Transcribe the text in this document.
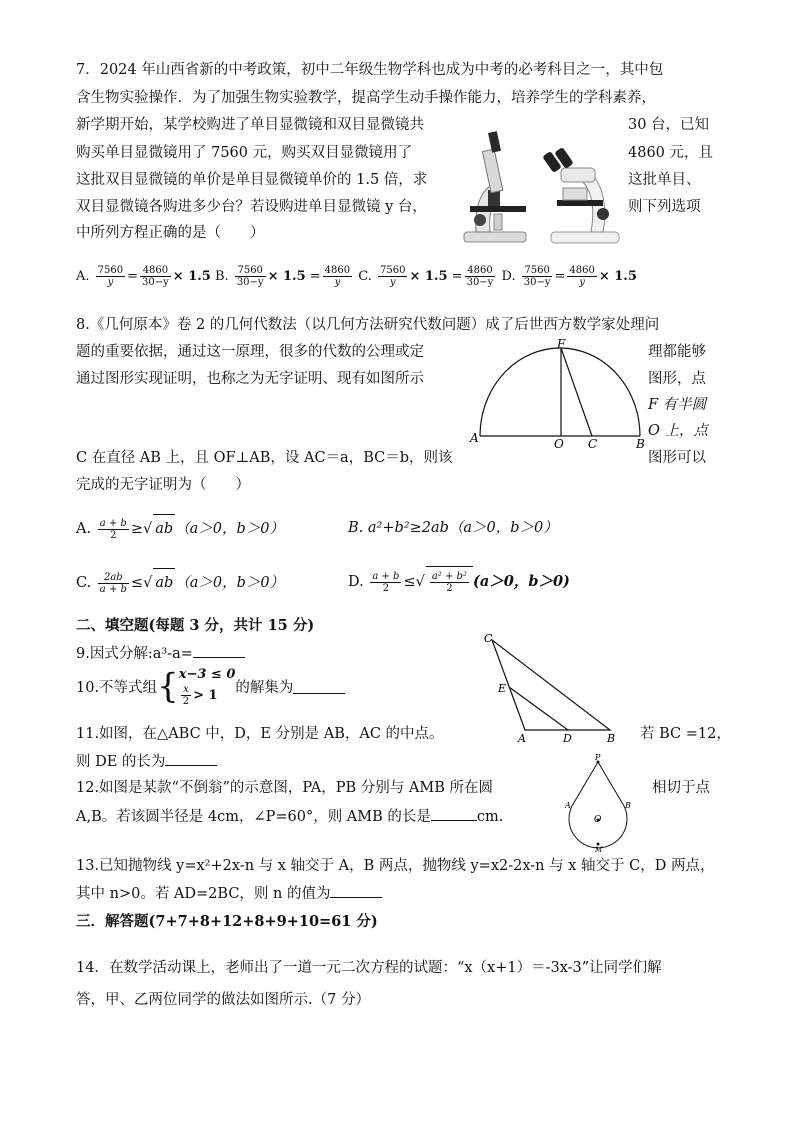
7．2024 年山西省新的中考政策，初中二年级生物学科也成为中考的必考科目之一，其中包
含生物实验操作．为了加强生物实验教学，提高学生动手操作能力，培养学生的学科素养，
新学期开始，某学校购进了单目显微镜和双目显微镜共	30 台，已知
购买单目显微镜用了 7560 元，购买双目显微镜用了	4860 元，且
这批双目显微镜的单价是单目显微镜单价的 1.5 倍，求	这批单目、
双目显微镜各购进多少台？若设购进单目显微镜 y 台，	则下列选项
中所列方程正确的是（　　）
A. $\frac{7560}{y} = \frac{4860}{30-y} \times 1.5$ B. $\frac{7560}{30-y} \times 1.5 = \frac{4860}{y} C$. $\frac{7560}{y} \times 1.5 = \frac{4860}{30-y} D$. $\frac{7560}{30-y} = \frac{4860}{y} \times 1.5$
8.《几何原本》卷 2 的几何代数法（以几何方法研究代数问题）成了后世西方数学家处理问
题的重要依据，通过这一原理，很多的代数的公理或定	理都能够
通过图形实现证明，也称之为无字证明、现有如图所示	图形，点
F 有半圆
O 上，点
C 在直径 AB 上，且 OF⊥AB，设 AC＝a，BC＝b，则该	图形可以
完成的无字证明为（　　）
F
A	O C	B
A. $\frac{a + b}{2}$ ≥√ ab （a＞0，b＞0）	B. a²+b²≥2ab（a＞0，b＞0）
C. $\frac{2ab}{a + b}$ ≤√ ab （a＞0，b＞0）	D. $\frac{a + b}{2}$ ≤√ $\frac{\text{a² + b²}}{2} (a>0$，b＞0)
二、填空题(每题 3 分，共计 15 分)
9.因式分解:a³-a=
10.不等式组{ x−3 ≤ 0
$\frac{x}{2} > 1$	的解集为
C
E
A	D	B
11.如图，在△ABC 中，D，E 分别是 AB，AC 的中点。	若 BC =12，
则 DE 的长为
12.如图是某款“不倒翁”的示意图，PA，PB 分别与 AMB 所在圆	相切于点
A,B。若该圆半径是 4cm，∠P=60°，则 AMB 的长是	cm.
P
A	B
O
M
13.已知抛物线 y=x²+2x-n 与 x 轴交于 A，B 两点，抛物线 y=x2-2x-n 与 x 轴交于 C，D 两点，
其中 n>0。若 AD=2BC，则 n 的值为
三．解答题(7+7+8+12+8+9+10=61 分)
14．在数学活动课上，老师出了一道一元二次方程的试题：“x（x+1）＝-3x-3”让同学们解
答，甲、乙两位同学的做法如图所示.（7 分）
